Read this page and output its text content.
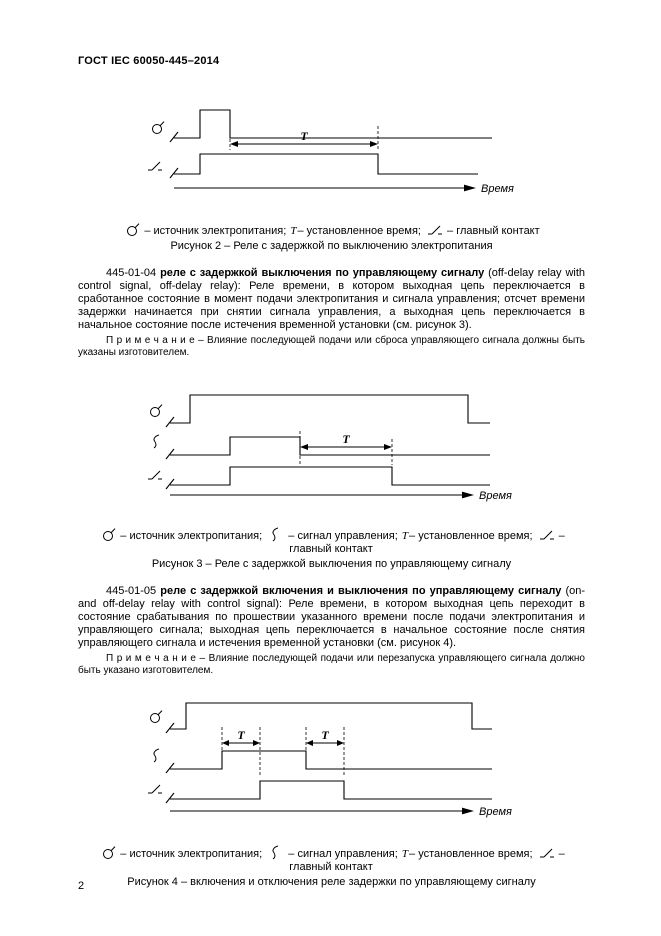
ГОСТ IEC 60050-445–2014
T
Время
– источник электропитания; T– установленное время; – главный контакт
Рисунок 2 – Реле с задержкой по выключению электропитания

445-01-04 реле с задержкой выключения по управляющему сигналу (off-delay relay with control signal, off-delay relay): Реле времени, в котором выходная цепь переключается в сработанное состояние в момент подачи электропитания и сигнала управления; отсчет времени задержки начинается при снятии сигнала управления, а выходная цепь переключается в начальное состояние после истечения временной установки (см. рисунок 3).

П р и м е ч а н и е – Влияние последующей подачи или сброса управляющего сигнала должны быть указаны изготовителем.

T
Время
– источник электропитания; – сигнал управления; T– установленное время; – главный контакт
Рисунок 3 – Реле с задержкой выключения по управляющему сигналу

445-01-05 реле с задержкой включения и выключения по управляющему сигналу (on- and off-delay relay with control signal): Реле времени, в котором выходная цепь переходит в состояние срабатывания по прошествии указанного времени после подачи электропитания и управляющего сигнала; выходная цепь переключается в начальное состояние после снятия управляющего сигнала и истечения временной установки (см. рисунок 4).

П р и м е ч а н и е – Влияние последующей подачи или перезапуска управляющего сигнала должно быть указано изготовителем.

T	T
Время
– источник электропитания; – сигнал управления; T– установленное время; – главный контакт
Рисунок 4 – включения и отключения реле задержки по управляющему сигналу
2
